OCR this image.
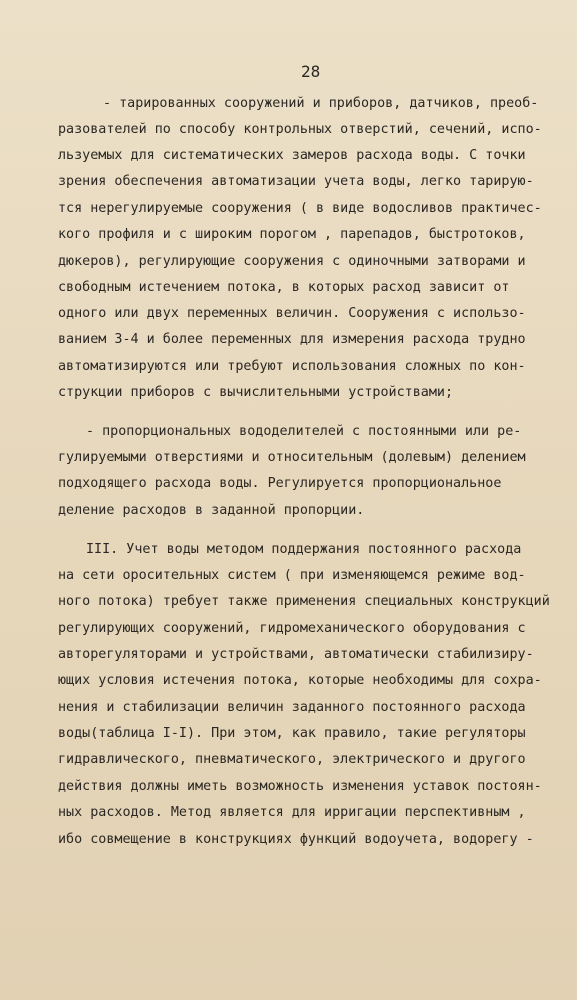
28
- тарированных сооружений и приборов, датчиков, преоб-
разователей по способу контрольных отверстий, сечений, испо-
льзуемых для систематических замеров расхода воды. С точки
зрения обеспечения автоматизации учета воды, легко тарирую-
тся нерегулируемые сооружения ( в виде водосливов практичес-
кого профиля и с широким порогом , парепадов, быстротоков,
дюкеров), регулирующие сооружения с одиночными затворами и
свободным истечением потока, в которых расход зависит от
одного или двух переменных величин. Сооружения с использо-
ванием 3-4 и более переменных для измерения расхода трудно
автоматизируются или требуют использования сложных по кон-
струкции приборов с вычислительными устройствами;
- пропорциональных вододелителей с постоянными или ре-
гулируемыми отверстиями и относительным (долевым) делением
подходящего расхода воды. Регулируется пропорциональное
деление расходов в заданной пропорции.
III. Учет воды методом поддержания постоянного расхода
на сети оросительных систем ( при изменяющемся режиме вод-
ного потока) требует также применения специальных конструкций
регулирующих сооружений, гидромеханического оборудования с
авторегуляторами и устройствами, автоматически стабилизиру-
ющих условия истечения потока, которые необходимы для сохра-
нения и стабилизации величин заданного постоянного расхода
воды(таблица I-I). При этом, как правило, такие регуляторы
гидравлического, пневматического, электрического и другого
действия должны иметь возможность изменения уставок постоян-
ных расходов. Метод является для ирригации перспективным ,
ибо совмещение в конструкциях функций водоучета, водорегу -
